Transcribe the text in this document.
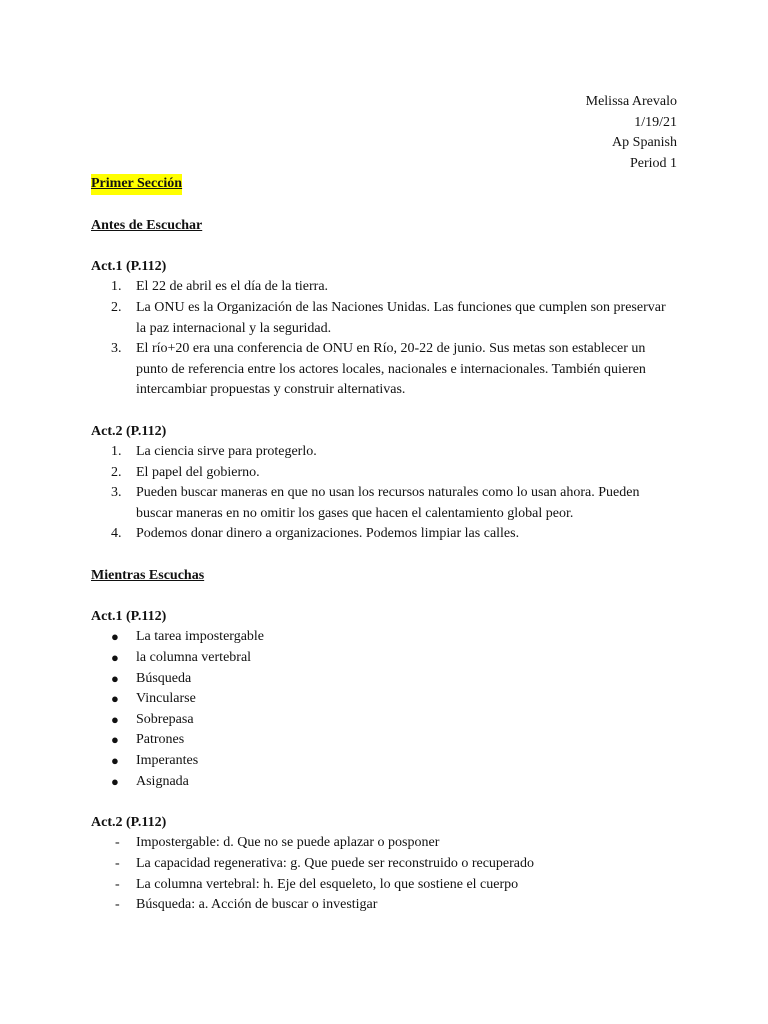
Melissa Arevalo
1/19/21
Ap Spanish
Period 1
Primer Sección
Antes de Escuchar
Act.1 (P.112)
1.	El 22 de abril es el día de la tierra.
2.	La ONU es la Organización de las Naciones Unidas. Las funciones que cumplen son preservar la paz internacional y la seguridad.
3.	El río+20 era una conferencia de ONU en Río, 20-22 de junio. Sus metas son establecer un punto de referencia entre los actores locales, nacionales e internacionales. También quieren intercambiar propuestas y construir alternativas.
Act.2 (P.112)
1.	La ciencia sirve para protegerlo.
2.	El papel del gobierno.
3.	Pueden buscar maneras en que no usan los recursos naturales como lo usan ahora. Pueden buscar maneras en no omitir los gases que hacen el calentamiento global peor.
4.	Podemos donar dinero a organizaciones. Podemos limpiar las calles.
Mientras Escuchas
Act.1 (P.112)
●	La tarea impostergable
●	la columna vertebral
●	Búsqueda
●	Vincularse
●	Sobrepasa
●	Patrones
●	Imperantes
●	Asignada
Act.2 (P.112)
-	Impostergable: d. Que no se puede aplazar o posponer
-	La capacidad regenerativa: g. Que puede ser reconstruido o recuperado
-	La columna vertebral: h. Eje del esqueleto, lo que sostiene el cuerpo
-	Búsqueda: a. Acción de buscar o investigar
